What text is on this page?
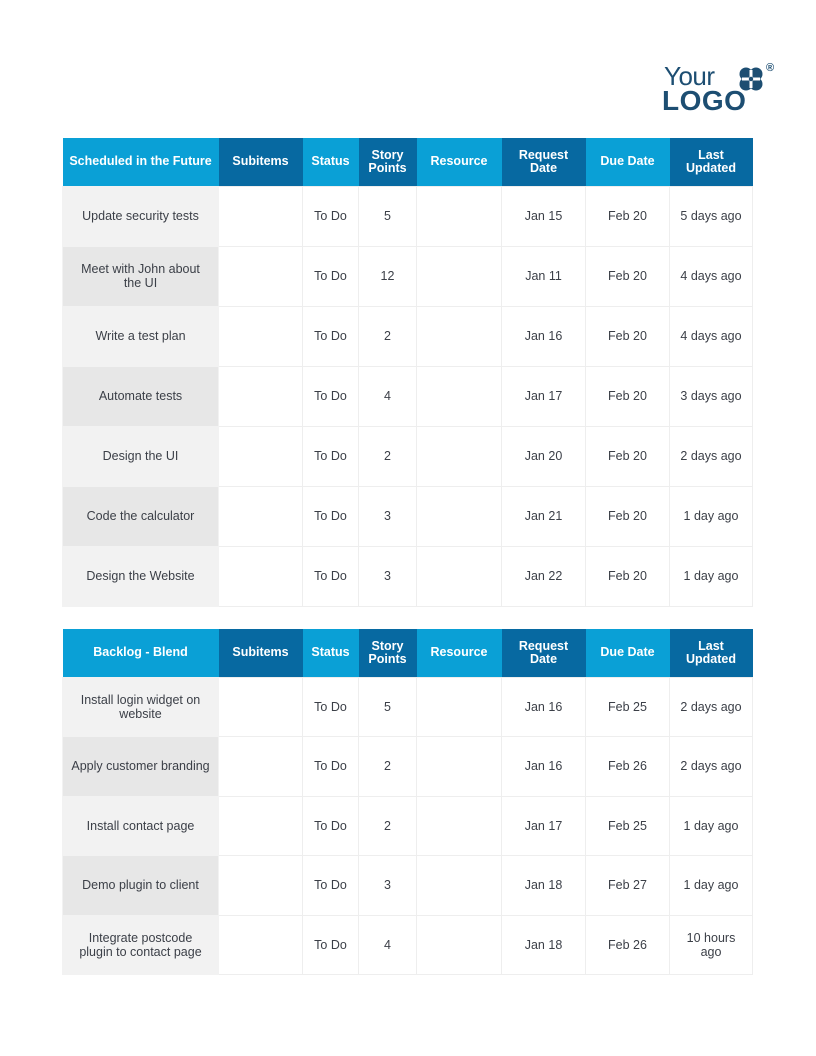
Your	®
LOGO
Scheduled in the Future	Subitems	Status	Story Points	Resource	Request Date	Due Date	Last Updated
Update security tests		To Do	5		Jan 15	Feb 20	5 days ago
Meet with John about the UI		To Do	12		Jan 11	Feb 20	4 days ago
Write a test plan		To Do	2		Jan 16	Feb 20	4 days ago
Automate tests		To Do	4		Jan 17	Feb 20	3 days ago
Design the UI		To Do	2		Jan 20	Feb 20	2 days ago
Code the calculator		To Do	3		Jan 21	Feb 20	1 day ago
Design the Website		To Do	3		Jan 22	Feb 20	1 day ago
Backlog - Blend	Subitems	Status	Story Points	Resource	Request Date	Due Date	Last Updated
Install login widget on website		To Do	5		Jan 16	Feb 25	2 days ago
Apply customer branding		To Do	2		Jan 16	Feb 26	2 days ago
Install contact page		To Do	2		Jan 17	Feb 25	1 day ago
Demo plugin to client		To Do	3		Jan 18	Feb 27	1 day ago
Integrate postcode plugin to contact page		To Do	4		Jan 18	Feb 26	10 hours ago
